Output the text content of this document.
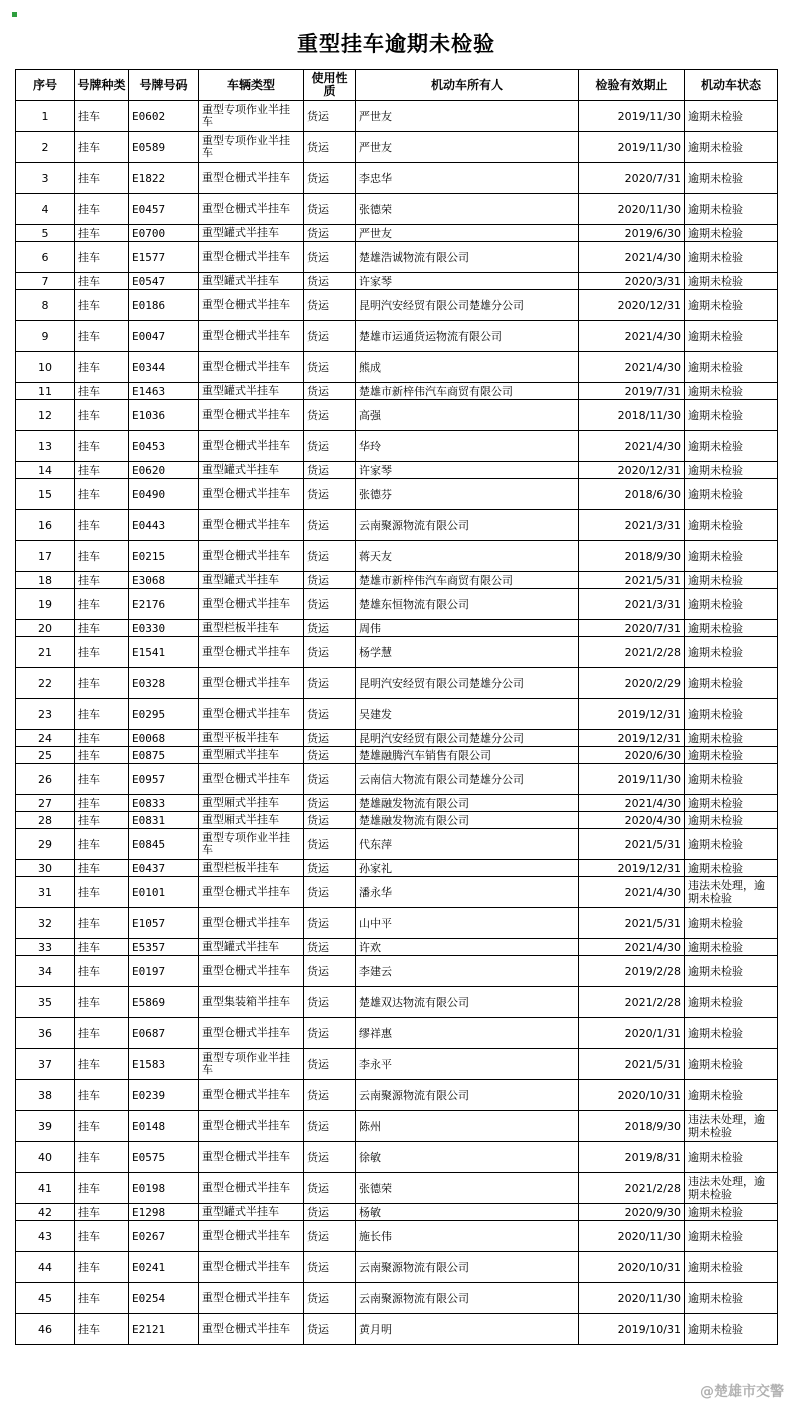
重型挂车逾期未检验
序号	号牌种类	号牌号码	车辆类型	使用性质	机动车所有人	检验有效期止	机动车状态
1	挂车	E0602	重型专项作业半挂车	货运	严世友	2019/11/30	逾期未检验
2	挂车	E0589	重型专项作业半挂车	货运	严世友	2019/11/30	逾期未检验
3	挂车	E1822	重型仓栅式半挂车	货运	李忠华	2020/7/31	逾期未检验
4	挂车	E0457	重型仓栅式半挂车	货运	张德荣	2020/11/30	逾期未检验
5	挂车	E0700	重型罐式半挂车	货运	严世友	2019/6/30	逾期未检验
6	挂车	E1577	重型仓栅式半挂车	货运	楚雄浩诚物流有限公司	2021/4/30	逾期未检验
7	挂车	E0547	重型罐式半挂车	货运	许家琴	2020/3/31	逾期未检验
8	挂车	E0186	重型仓栅式半挂车	货运	昆明汽安经贸有限公司楚雄分公司	2020/12/31	逾期未检验
9	挂车	E0047	重型仓栅式半挂车	货运	楚雄市运通货运物流有限公司	2021/4/30	逾期未检验
10	挂车	E0344	重型仓栅式半挂车	货运	熊成	2021/4/30	逾期未检验
11	挂车	E1463	重型罐式半挂车	货运	楚雄市新梓伟汽车商贸有限公司	2019/7/31	逾期未检验
12	挂车	E1036	重型仓栅式半挂车	货运	高强	2018/11/30	逾期未检验
13	挂车	E0453	重型仓栅式半挂车	货运	华玲	2021/4/30	逾期未检验
14	挂车	E0620	重型罐式半挂车	货运	许家琴	2020/12/31	逾期未检验
15	挂车	E0490	重型仓栅式半挂车	货运	张德芬	2018/6/30	逾期未检验
16	挂车	E0443	重型仓栅式半挂车	货运	云南聚源物流有限公司	2021/3/31	逾期未检验
17	挂车	E0215	重型仓栅式半挂车	货运	蒋天友	2018/9/30	逾期未检验
18	挂车	E3068	重型罐式半挂车	货运	楚雄市新梓伟汽车商贸有限公司	2021/5/31	逾期未检验
19	挂车	E2176	重型仓栅式半挂车	货运	楚雄东恒物流有限公司	2021/3/31	逾期未检验
20	挂车	E0330	重型栏板半挂车	货运	周伟	2020/7/31	逾期未检验
21	挂车	E1541	重型仓栅式半挂车	货运	杨学慧	2021/2/28	逾期未检验
22	挂车	E0328	重型仓栅式半挂车	货运	昆明汽安经贸有限公司楚雄分公司	2020/2/29	逾期未检验
23	挂车	E0295	重型仓栅式半挂车	货运	吴建发	2019/12/31	逾期未检验
24	挂车	E0068	重型平板半挂车	货运	昆明汽安经贸有限公司楚雄分公司	2019/12/31	逾期未检验
25	挂车	E0875	重型厢式半挂车	货运	楚雄融腾汽车销售有限公司	2020/6/30	逾期未检验
26	挂车	E0957	重型仓栅式半挂车	货运	云南信大物流有限公司楚雄分公司	2019/11/30	逾期未检验
27	挂车	E0833	重型厢式半挂车	货运	楚雄融发物流有限公司	2021/4/30	逾期未检验
28	挂车	E0831	重型厢式半挂车	货运	楚雄融发物流有限公司	2020/4/30	逾期未检验
29	挂车	E0845	重型专项作业半挂车	货运	代东萍	2021/5/31	逾期未检验
30	挂车	E0437	重型栏板半挂车	货运	孙家礼	2019/12/31	逾期未检验
31	挂车	E0101	重型仓栅式半挂车	货运	潘永华	2021/4/30	违法未处理，逾期未检验
32	挂车	E1057	重型仓栅式半挂车	货运	山中平	2021/5/31	逾期未检验
33	挂车	E5357	重型罐式半挂车	货运	许欢	2021/4/30	逾期未检验
34	挂车	E0197	重型仓栅式半挂车	货运	李建云	2019/2/28	逾期未检验
35	挂车	E5869	重型集装箱半挂车	货运	楚雄双达物流有限公司	2021/2/28	逾期未检验
36	挂车	E0687	重型仓栅式半挂车	货运	缪祥惠	2020/1/31	逾期未检验
37	挂车	E1583	重型专项作业半挂车	货运	李永平	2021/5/31	逾期未检验
38	挂车	E0239	重型仓栅式半挂车	货运	云南聚源物流有限公司	2020/10/31	逾期未检验
39	挂车	E0148	重型仓栅式半挂车	货运	陈州	2018/9/30	违法未处理，逾期未检验
40	挂车	E0575	重型仓栅式半挂车	货运	徐敏	2019/8/31	逾期未检验
41	挂车	E0198	重型仓栅式半挂车	货运	张德荣	2021/2/28	违法未处理，逾期未检验
42	挂车	E1298	重型罐式半挂车	货运	杨敏	2020/9/30	逾期未检验
43	挂车	E0267	重型仓栅式半挂车	货运	施长伟	2020/11/30	逾期未检验
44	挂车	E0241	重型仓栅式半挂车	货运	云南聚源物流有限公司	2020/10/31	逾期未检验
45	挂车	E0254	重型仓栅式半挂车	货运	云南聚源物流有限公司	2020/11/30	逾期未检验
46	挂车	E2121	重型仓栅式半挂车	货运	黄月明	2019/10/31	逾期未检验
@楚雄市交警
